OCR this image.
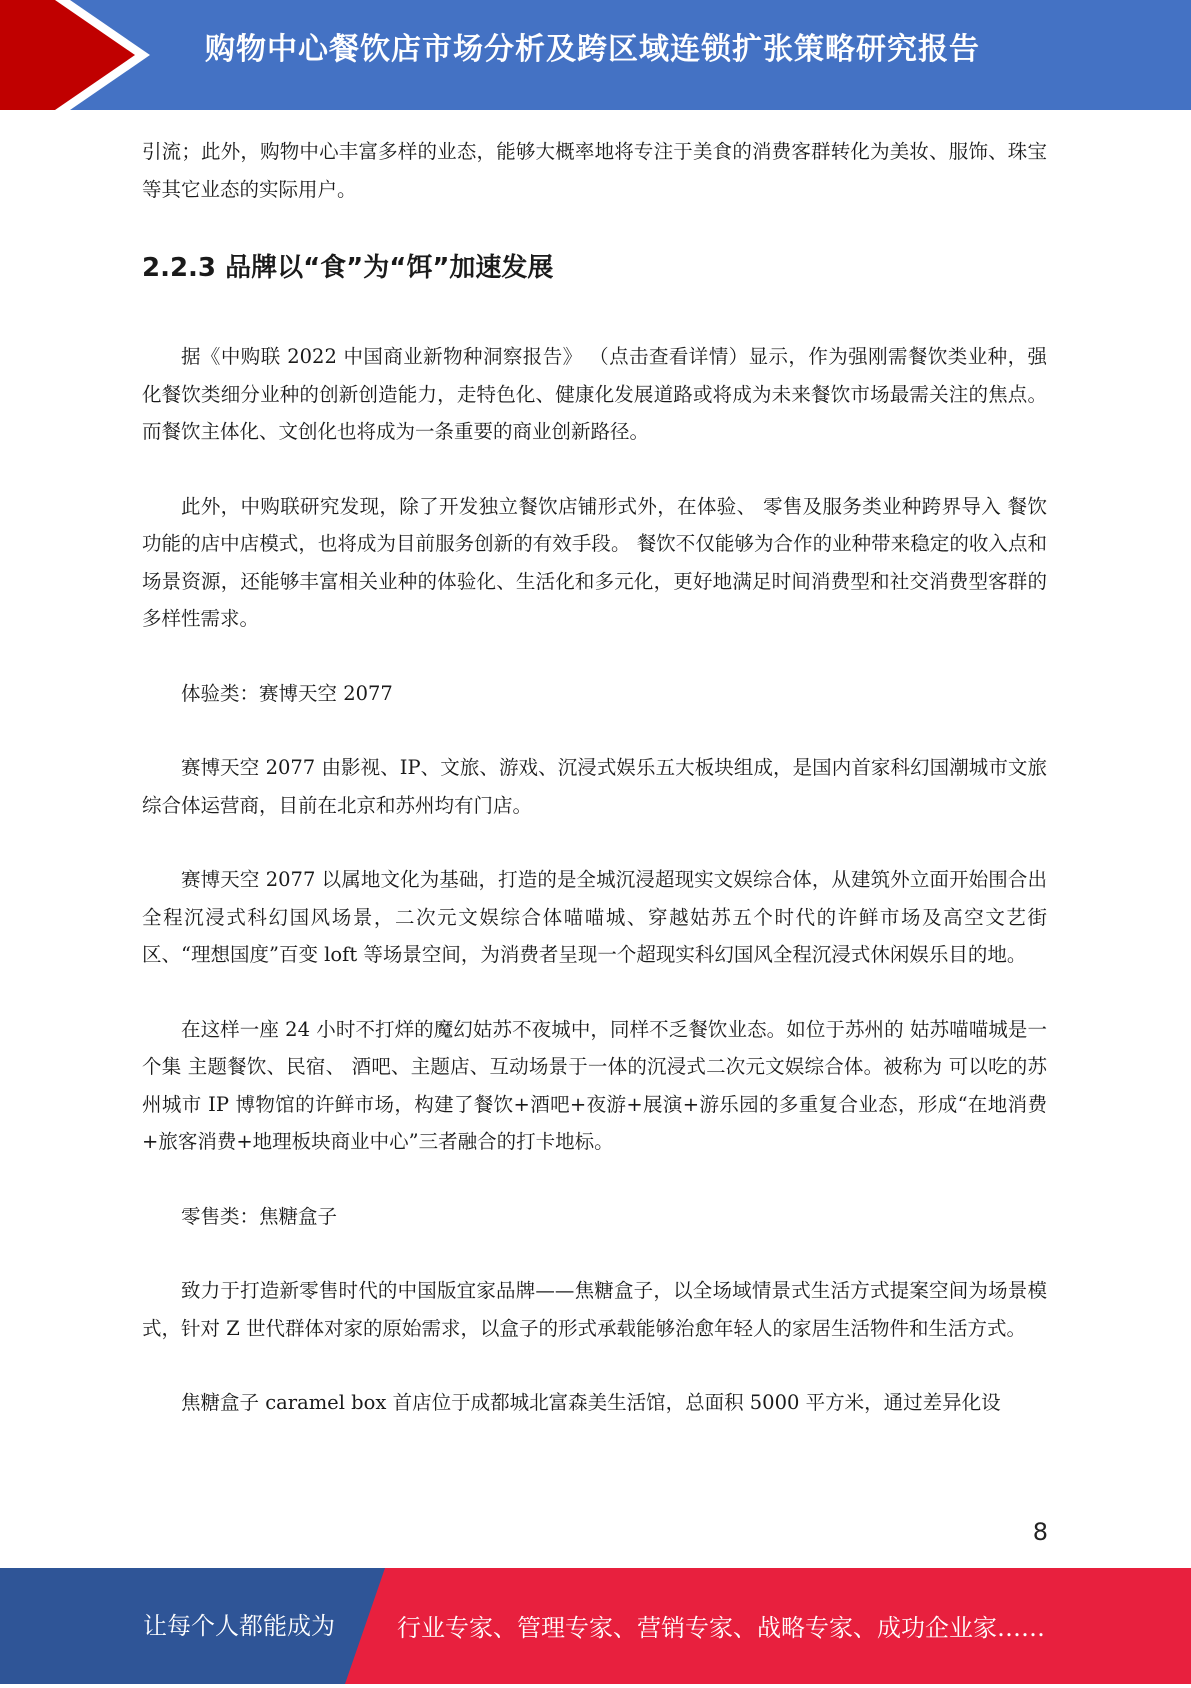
购物中心餐饮店市场分析及跨区域连锁扩张策略研究报告

引流；此外，购物中心丰富多样的业态，能够大概率地将专注于美食的消费客群转化为美妆、服饰、珠宝等其它业态的实际用户。

2.2.3 品牌以“食”为“饵”加速发展

据《中购联 2022 中国商业新物种洞察报告》 （点击查看详情）显示，作为强刚需餐饮类业种，强化餐饮类细分业种的创新创造能力，走特色化、健康化发展道路或将成为未来餐饮市场最需关注的焦点。而餐饮主体化、文创化也将成为一条重要的商业创新路径。

此外，中购联研究发现，除了开发独立餐饮店铺形式外，在体验、 零售及服务类业种跨界导入 餐饮功能的店中店模式，也将成为目前服务创新的有效手段。 餐饮不仅能够为合作的业种带来稳定的收入点和场景资源，还能够丰富相关业种的体验化、生活化和多元化，更好地满足时间消费型和社交消费型客群的多样性需求。

体验类：赛博天空 2077

赛博天空 2077 由影视、IP、文旅、游戏、沉浸式娱乐五大板块组成，是国内首家科幻国潮城市文旅综合体运营商，目前在北京和苏州均有门店。

赛博天空 2077 以属地文化为基础，打造的是全城沉浸超现实文娱综合体，从建筑外立面开始围合出全程沉浸式科幻国风场景，二次元文娱综合体喵喵城、穿越姑苏五个时代的许鲜市场及高空文艺街区、“理想国度”百变 loft 等场景空间，为消费者呈现一个超现实科幻国风全程沉浸式休闲娱乐目的地。

在这样一座 24 小时不打烊的魔幻姑苏不夜城中，同样不乏餐饮业态。如位于苏州的 姑苏喵喵城是一个集 主题餐饮、民宿、 酒吧、主题店、互动场景于一体的沉浸式二次元文娱综合体。被称为 可以吃的苏州城市 IP 博物馆的许鲜市场，构建了餐饮+酒吧+夜游+展演+游乐园的多重复合业态，形成“在地消费+旅客消费+地理板块商业中心”三者融合的打卡地标。

零售类：焦糖盒子

致力于打造新零售时代的中国版宜家品牌——焦糖盒子，以全场域情景式生活方式提案空间为场景模式，针对 Z 世代群体对家的原始需求，以盒子的形式承载能够治愈年轻人的家居生活物件和生活方式。

焦糖盒子 caramel box 首店位于成都城北富森美生活馆，总面积 5000 平方米，通过差异化设

8
让每个人都能成为	行业专家、管理专家、营销专家、战略专家、成功企业家……
